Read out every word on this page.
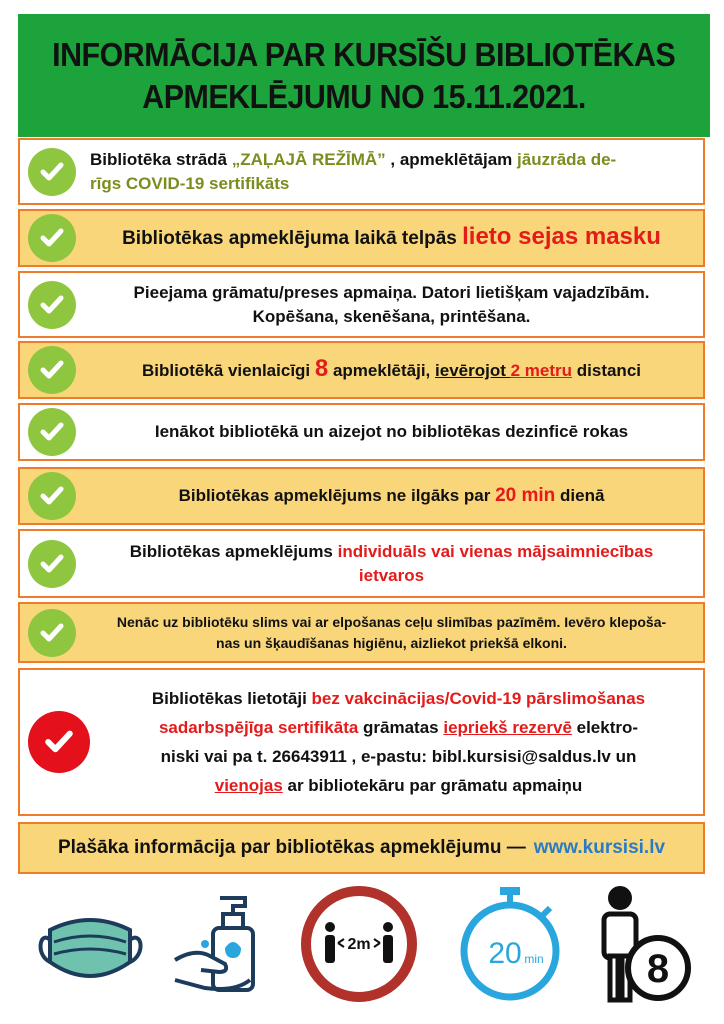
INFORMĀCIJA PAR KURSĪŠU BIBLIOTĒKAS
APMEKLĒJUMU NO 15.11.2021.
Bibliotēka strādā „ZAĻAJĀ REŽĪMĀ” , apmeklētājam jāuzrāda de-
rīgs COVID-19 sertifikāts
Bibliotēkas apmeklējuma laikā telpās lieto sejas masku
Pieejama grāmatu/preses apmaiņa. Datori lietišķam vajadzībām.
Kopēšana, skenēšana, printēšana.
Bibliotēkā vienlaicīgi 8 apmeklētāji, ievērojot 2 metru distanci
Ienākot bibliotēkā un aizejot no bibliotēkas dezinficē rokas
Bibliotēkas apmeklējums ne ilgāks par 20 min dienā
Bibliotēkas apmeklējums individuāls vai vienas mājsaimniecības
ietvaros
Nenāc uz bibliotēku slims vai ar elpošanas ceļu slimības pazīmēm. Ievēro klepoša-
nas un šķaudīšanas higiēnu, aizliekot priekšā elkoni.
Bibliotēkas lietotāji bez vakcinācijas/Covid-19 pārslimošanas
sadarbspējīga sertifikāta grāmatas iepriekš rezervē elektro-
niski vai pa t. 26643911 , e-pastu: bibl.kursisi@saldus.lv un
vienojas ar bibliotekāru par grāmatu apmaiņu
Plašāka informācija par bibliotēkas apmeklējumu — www.kursisi.lv
2m	20 min	8
